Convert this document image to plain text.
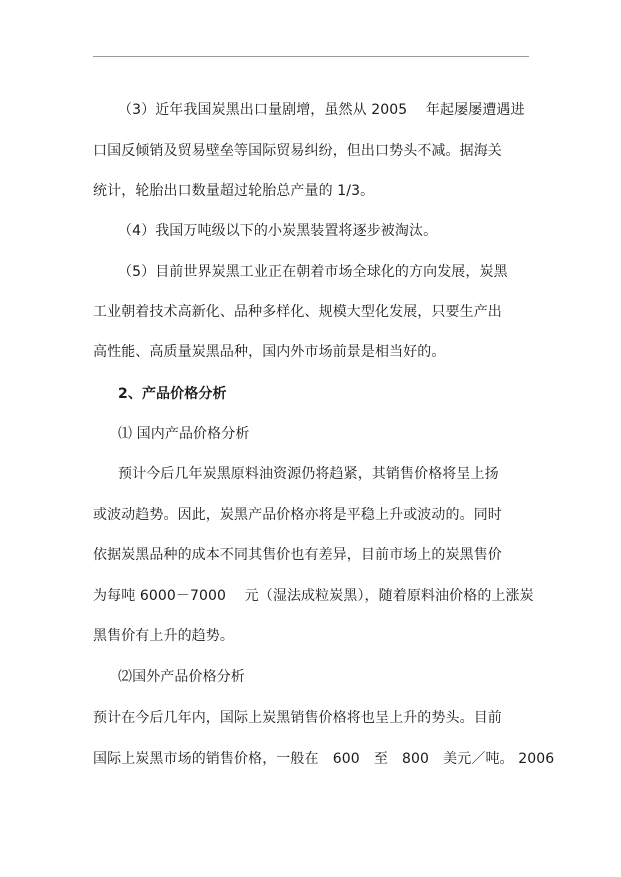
（3）近年我国炭黑出口量剧增，虽然从 2005　 年起屡屡遭遇进
口国反倾销及贸易壁垒等国际贸易纠纷，但出口势头不减。据海关
统计，轮胎出口数量超过轮胎总产量的 1/3。
（4）我国万吨级以下的小炭黑装置将逐步被淘汰。
（5）目前世界炭黑工业正在朝着市场全球化的方向发展，炭黑
工业朝着技术高新化、品种多样化、规模大型化发展，只要生产出
高性能、高质量炭黑品种，国内外市场前景是相当好的。
2、产品价格分析
⑴ 国内产品价格分析
预计今后几年炭黑原料油资源仍将趋紧，其销售价格将呈上扬
或波动趋势。因此，炭黑产品价格亦将是平稳上升或波动的。同时
依据炭黑品种的成本不同其售价也有差异，目前市场上的炭黑售价
为每吨 6000－7000　 元（湿法成粒炭黑），随着原料油价格的上涨炭
黑售价有上升的趋势。
⑵国外产品价格分析
预计在今后几年内，国际上炭黑销售价格将也呈上升的势头。目前
国际上炭黑市场的销售价格，一般在　600　至　800　美元／吨。 2006
